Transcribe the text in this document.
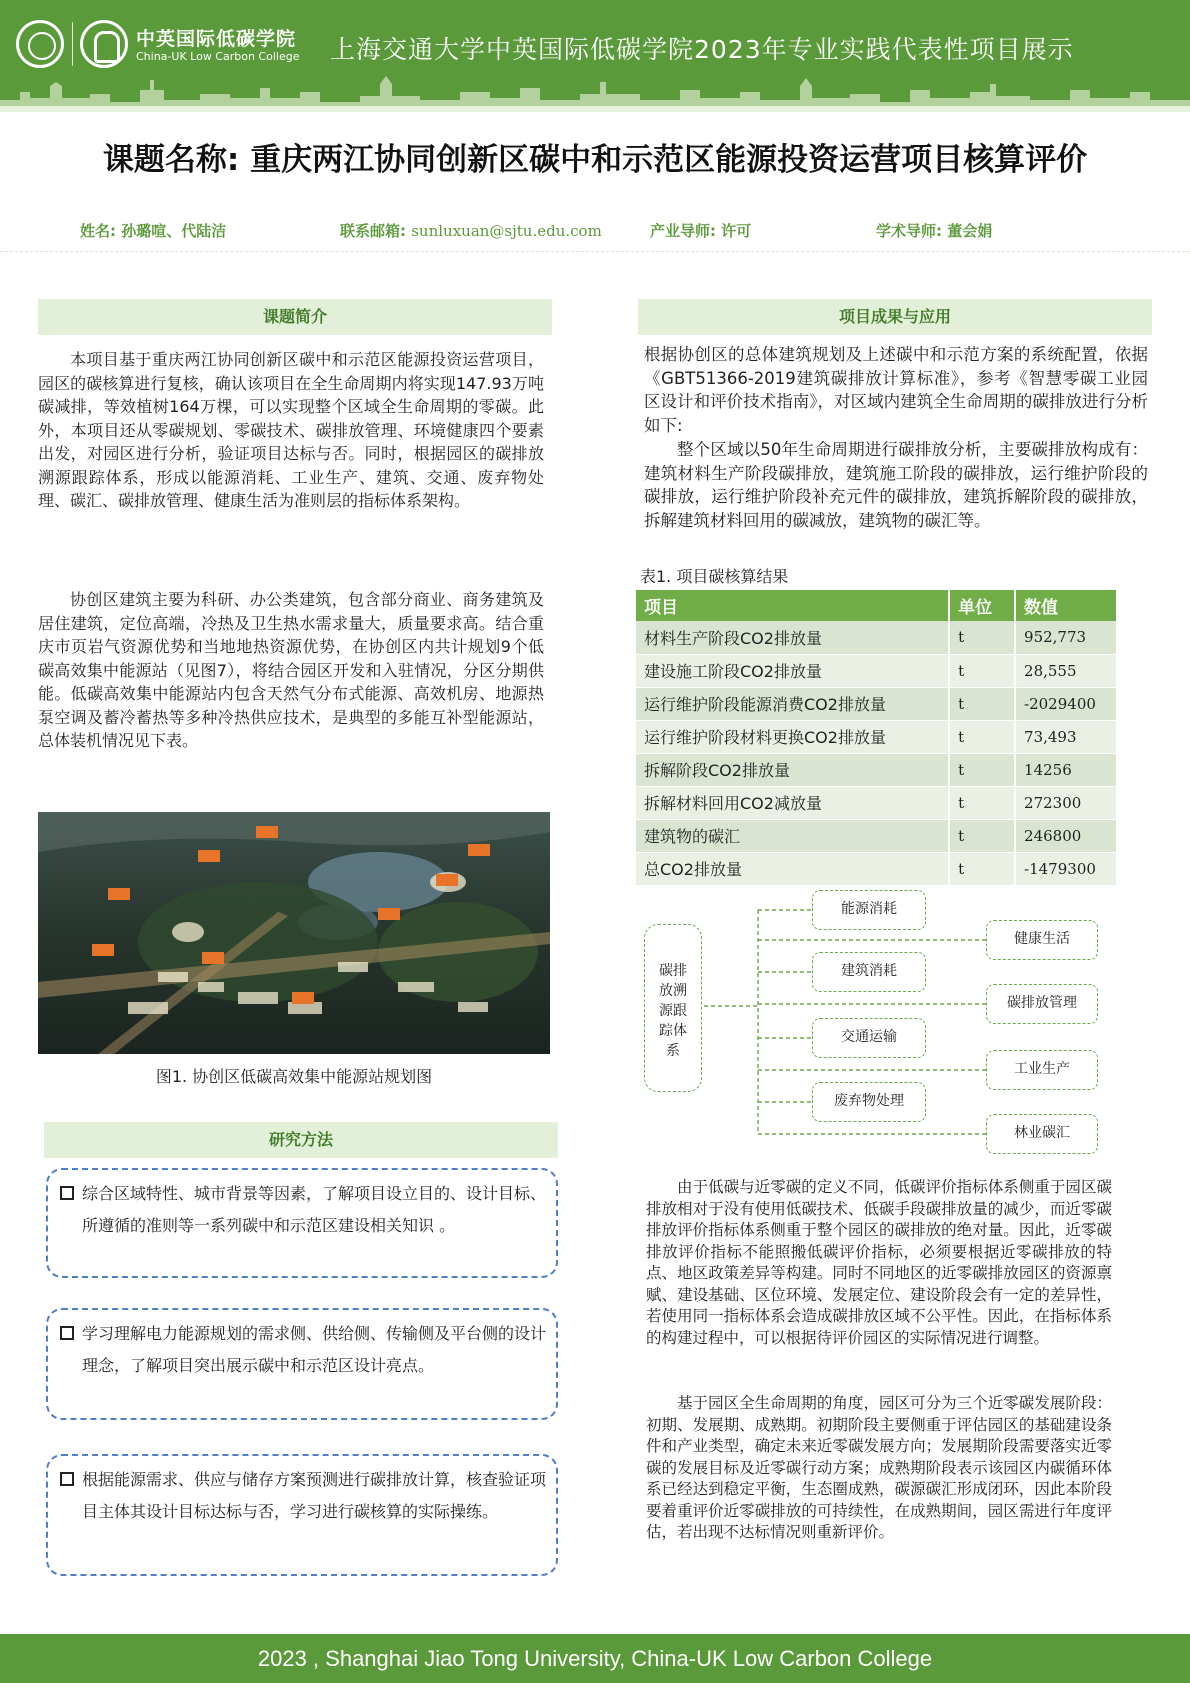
中英国际低碳学院
China-UK Low Carbon College 上海交通大学中英国际低碳学院2023年专业实践代表性项目展示
课题名称: 重庆两江协同创新区碳中和示范区能源投资运营项目核算评价
姓名: 孙璐喧、代陆洁	联系邮箱: sunluxuan@sjtu.edu.com	产业导师: 许可	学术导师: 董会娟
课题简介
本项目基于重庆两江协同创新区碳中和示范区能源投资运营项目，园区的碳核算进行复核，确认该项目在全生命周期内将实现147.93万吨碳减排，等效植树164万棵，可以实现整个区域全生命周期的零碳。此外，本项目还从零碳规划、零碳技术、碳排放管理、环境健康四个要素出发，对园区进行分析，验证项目达标与否。同时，根据园区的碳排放溯源跟踪体系，形成以能源消耗、工业生产、建筑、交通、废弃物处理、碳汇、碳排放管理、健康生活为准则层的指标体系架构。
协创区建筑主要为科研、办公类建筑，包含部分商业、商务建筑及居住建筑，定位高端，冷热及卫生热水需求量大，质量要求高。结合重庆市页岩气资源优势和当地地热资源优势，在协创区内共计规划9个低碳高效集中能源站（见图7），将结合园区开发和入驻情况，分区分期供能。低碳高效集中能源站内包含天然气分布式能源、高效机房、地源热泵空调及蓄冷蓄热等多种冷热供应技术，是典型的多能互补型能源站，总体装机情况见下表。
图1. 协创区低碳高效集中能源站规划图
研究方法
综合区域特性、城市背景等因素，了解项目设立目的、设计目标、所遵循的准则等一系列碳中和示范区建设相关知识 。
学习理解电力能源规划的需求侧、供给侧、传输侧及平台侧的设计理念，了解项目突出展示碳中和示范区设计亮点。
根据能源需求、供应与储存方案预测进行碳排放计算，核查验证项目主体其设计目标达标与否，学习进行碳核算的实际操练。
项目成果与应用
根据协创区的总体建筑规划及上述碳中和示范方案的系统配置，依据《GBT51366-2019建筑碳排放计算标准》，参考《智慧零碳工业园区设计和评价技术指南》，对区域内建筑全生命周期的碳排放进行分析如下:
整个区域以50年生命周期进行碳排放分析，主要碳排放构成有：建筑材料生产阶段碳排放，建筑施工阶段的碳排放，运行维护阶段的碳排放，运行维护阶段补充元件的碳排放，建筑拆解阶段的碳排放，拆解建筑材料回用的碳减放，建筑物的碳汇等。
表1. 项目碳核算结果
项目	单位	数值
材料生产阶段CO2排放量	t	952,773
建设施工阶段CO2排放量	t	28,555
运行维护阶段能源消费CO2排放量	t	-2029400
运行维护阶段材料更换CO2排放量	t	73,493
拆解阶段CO2排放量	t	14256
拆解材料回用CO2减放量	t	272300
建筑物的碳汇	t	246800
总CO2排放量	t	-1479300
碳排
放溯
源跟
踪体
系
能源消耗
建筑消耗
交通运输
废弃物处理
健康生活
碳排放管理
工业生产
林业碳汇
由于低碳与近零碳的定义不同，低碳评价指标体系侧重于园区碳排放相对于没有使用低碳技术、低碳手段碳排放量的减少，而近零碳排放评价指标体系侧重于整个园区的碳排放的绝对量。因此，近零碳排放评价指标不能照搬低碳评价指标，必须要根据近零碳排放的特点、地区政策差异等构建。同时不同地区的近零碳排放园区的资源禀赋、建设基础、区位环境、发展定位、建设阶段会有一定的差异性，若使用同一指标体系会造成碳排放区域不公平性。因此，在指标体系的构建过程中，可以根据待评价园区的实际情况进行调整。
基于园区全生命周期的角度，园区可分为三个近零碳发展阶段：初期、发展期、成熟期。初期阶段主要侧重于评估园区的基础建设条件和产业类型，确定未来近零碳发展方向；发展期阶段需要落实近零碳的发展目标及近零碳行动方案；成熟期阶段表示该园区内碳循环体系已经达到稳定平衡，生态圈成熟，碳源碳汇形成闭环，因此本阶段要着重评价近零碳排放的可持续性，在成熟期间，园区需进行年度评估，若出现不达标情况则重新评价。
2023 , Shanghai Jiao Tong University, China-UK Low Carbon College
